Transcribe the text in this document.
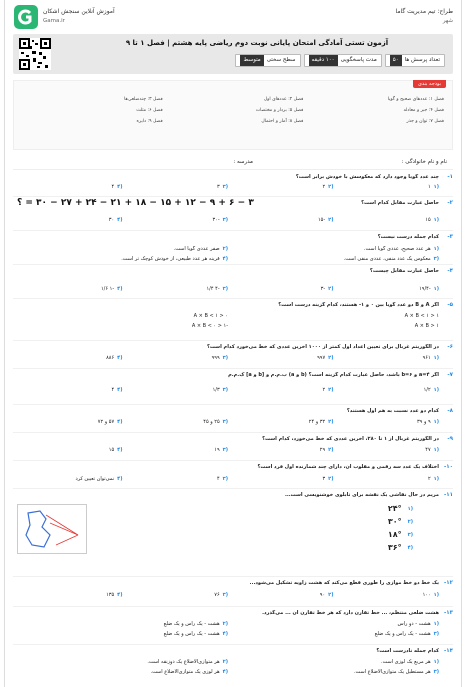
آموزش آنلاین سنجش اشکان
Gama.ir
طراح: تیم مدیریت گاما
شهر
آزمون تستی آمادگی امتحان پایانی نوبت دوم ریاضی پایه هشتم | فصل ۱ تا ۹
تعداد پرسش ها
۵۰
مدت پاسخگویی
۱۰۰ دقیقه
سطح سختی
متوسط
بودجه بندی
فصل ۱: عددهای صحیح و گویا
فصل ۲: عددهای اول
فصل ۳: چندضلعی‌ها
فصل ۴: جبر و معادله
فصل ۵: بردار و مختصات
فصل ۶: مثلث
فصل ۷: توان و جذر
فصل ۸: آمار و احتمال
فصل ۹: دایره
نام و نام خانوادگی :
مدرسه :
-۱
چند عدد گویا وجود دارد که معکوسش با خودش برابر است؟
(۱
۱
(۲
۲
(۳
۳
(۴
۴
-۲
حاصل عبارت مقابل کدام است؟
۳ − ۶ + ۹ − ۱۲ + ۱۵ − ۱۸ + ۲۱ − ۲۴ + ۲۷ − ۳۰ = ؟
(۱
۱۵
(۲
-۱۵
(۳
-۳۰
(۴
۳۰
-۳
کدام جمله درست نیست؟
(۱
هر عدد صحیح، عددی گویا است.
(۲
صفر عددی گویا است.
(۳
معکوس یک عدد منفی، عددی منفی است.
(۴
قرینه هر عدد طبیعی، از خودش کوچک تر است.
-۴
حاصل عبارت مقابل چیست؟
(۱
-۱۹/۴
(۲
-۳
(۳
-۴ ۱/۴
(۴
-۱ ۱/۶
-۵
اگر A و B دو عدد گویا بین ۰ و ۱- هستند، کدام گزینه درست است؟
۰ < A × B < ۱	۱ < A × B < ۱
-۱ < A × B < ۰	A × B > ۱
-۶
در الگوریتم غربال برای تعیین اعداد اول کمتر از ۱۰۰۰ آخرین عددی که خط می‌خورد کدام است؟
(۱
۹۶۱
(۲
۹۹۷
(۳
۹۹۹
(۴
۸۸۶
-۷
اگر a=۴ و b=۶ باشد، حاصل عبارت کدام گزینه است؟ (b و a) ب.م.م و [b و a] ک.م.م
(۱
۱/۲
(۲
۲
(۳
۱/۳
(۴
۴
-۸
کدام دو عدد نسبت به هم اول هستند؟
(۱
۹ و ۳۹
(۲
۳۲ و ۲۴
(۳
۲۵ و ۴۵
(۴
۵۷ و ۷۲
-۹
در الگوریتم غربال از ۱ تا ۲۸۰، آخرین عددی که خط می‌خورد، کدام است؟
(۱
۴۷
(۲
۲۹
(۳
۱۹
(۴
۱۵
-۱۰
اختلاف یک عدد سه رقمی و مقلوب آن، دارای چند شمارنده اول فرد است؟
(۱
۲
(۲
۳
(۳
۴
(۴
نمی‌توان تعیین کرد
-۱۱
مریم در حال نقاشی یک نقشه برای تابلوی خوشنویسی است...
(۱
۲۴°
(۲
۳۰°
(۳
۱۸°
(۴
۳۶°
-۱۲
یک خط دو خط موازی را طوری قطع می‌کند که هشت زاویه تشکیل می‌شود...
(۱
۱۰۰
(۲
۹۰
(۳
۷۶
(۴
۱۳۵
-۱۳
هشت ضلعی منتظم، ... خط تقارن دارد که هر خط تقارن آن ... می‌گذرد.
(۱
هشت - دو راس
(۲
هشت - یک راس و یک ضلع
(۳
هشت - یک راس و یک ضلع
(۴
هشت - یک راس و یک ضلع
-۱۴
کدام جمله نادرست است؟
(۱
هر مربع یک لوزی است.
(۲
هر متوازی‌الاضلاع یک ذوزنقه است.
(۳
هر مستطیل یک متوازی‌الاضلاع است.
(۴
هر لوزی یک متوازی‌الاضلاع است.
